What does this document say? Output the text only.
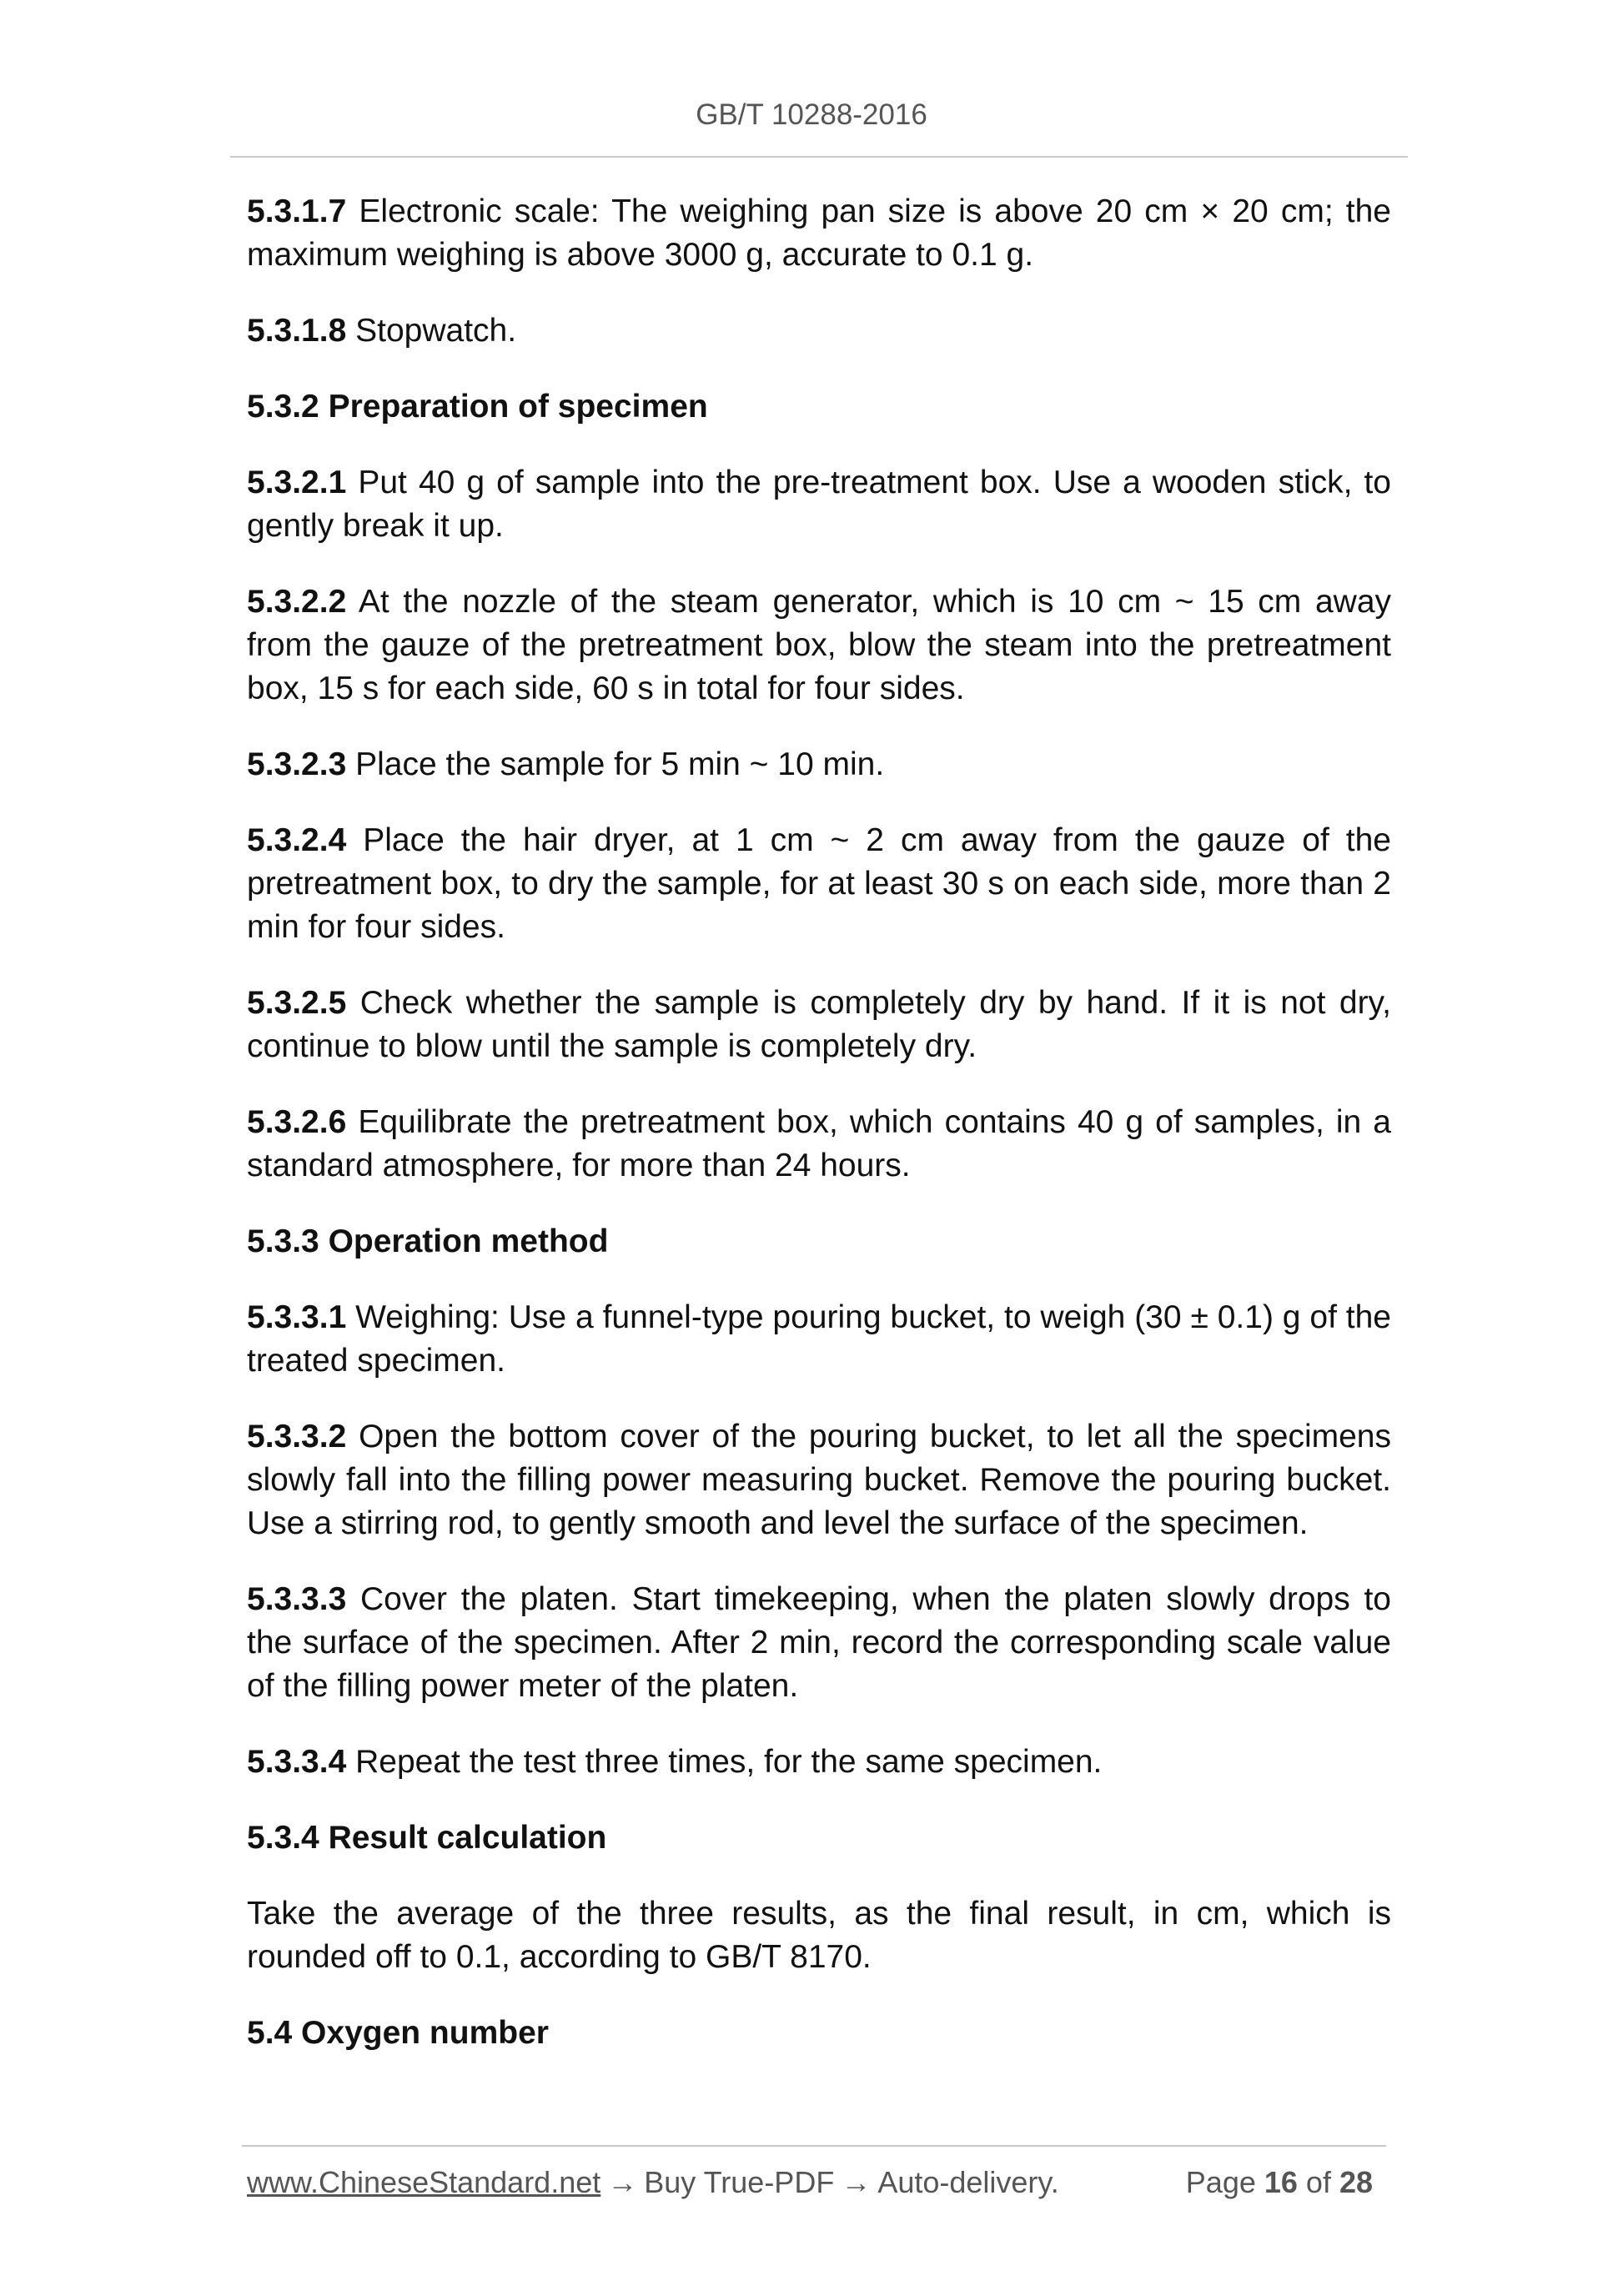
GB/T 10288-2016

5.3.1.7 Electronic scale: The weighing pan size is above 20 cm × 20 cm; the maximum weighing is above 3000 g, accurate to 0.1 g.

5.3.1.8 Stopwatch.

5.3.2 Preparation of specimen

5.3.2.1 Put 40 g of sample into the pre-treatment box. Use a wooden stick, to gently break it up.

5.3.2.2 At the nozzle of the steam generator, which is 10 cm ~ 15 cm away from the gauze of the pretreatment box, blow the steam into the pretreatment box, 15 s for each side, 60 s in total for four sides.

5.3.2.3 Place the sample for 5 min ~ 10 min.

5.3.2.4 Place the hair dryer, at 1 cm ~ 2 cm away from the gauze of the pretreatment box, to dry the sample, for at least 30 s on each side, more than 2 min for four sides.

5.3.2.5 Check whether the sample is completely dry by hand. If it is not dry, continue to blow until the sample is completely dry.

5.3.2.6 Equilibrate the pretreatment box, which contains 40 g of samples, in a standard atmosphere, for more than 24 hours.

5.3.3 Operation method

5.3.3.1 Weighing: Use a funnel-type pouring bucket, to weigh (30 ± 0.1) g of the treated specimen.

5.3.3.2 Open the bottom cover of the pouring bucket, to let all the specimens slowly fall into the filling power measuring bucket. Remove the pouring bucket. Use a stirring rod, to gently smooth and level the surface of the specimen.

5.3.3.3 Cover the platen. Start timekeeping, when the platen slowly drops to the surface of the specimen. After 2 min, record the corresponding scale value of the filling power meter of the platen.

5.3.3.4 Repeat the test three times, for the same specimen.

5.3.4 Result calculation

Take the average of the three results, as the final result, in cm, which is rounded off to 0.1, according to GB/T 8170.

5.4 Oxygen number

www.ChineseStandard.net → Buy True-PDF → Auto-delivery.	Page 16 of 28
